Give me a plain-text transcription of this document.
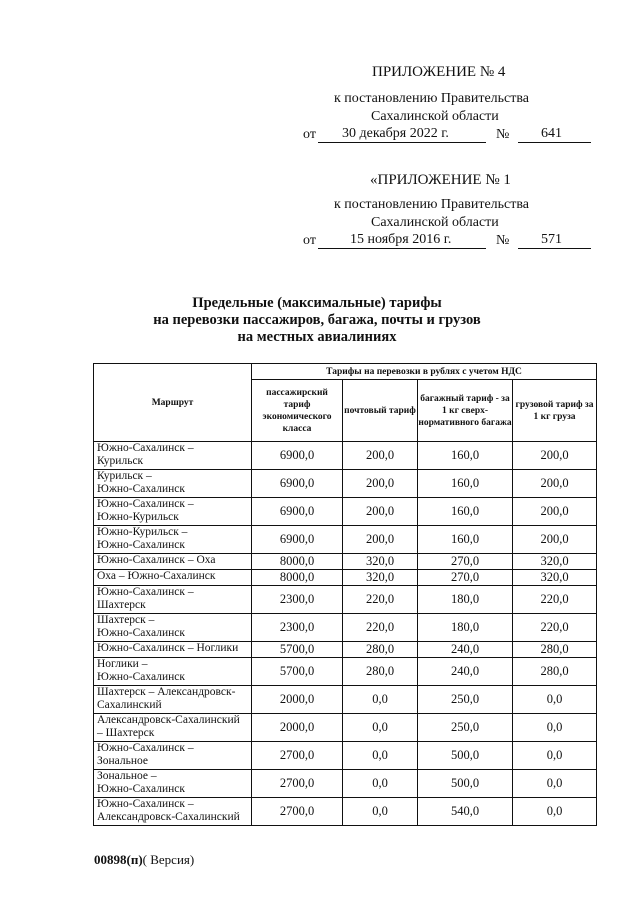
ПРИЛОЖЕНИЕ № 4
к постановлению Правительства
Сахалинской области
от 30 декабря 2022 г.	№ 641
«ПРИЛОЖЕНИЕ № 1
к постановлению Правительства
Сахалинской области
от 15 ноября 2016 г.	№ 571
Предельные (максимальные) тарифы
на перевозки пассажиров, багажа, почты и грузов
на местных авиалиниях
Маршрут	Тарифы на перевозки в рублях с учетом НДС			
	пассажирский тариф экономического класса	почтовый тариф	багажный тариф - за 1 кг сверх-нормативного багажа	грузовой тариф за 1 кг груза
Южно-Сахалинск –
Курильск	6900,0	200,0	160,0	200,0
Курильск –
Южно-Сахалинск	6900,0	200,0	160,0	200,0
Южно-Сахалинск –
Южно-Курильск	6900,0	200,0	160,0	200,0
Южно-Курильск –
Южно-Сахалинск	6900,0	200,0	160,0	200,0
Южно-Сахалинск – Оха	8000,0	320,0	270,0	320,0
Оха – Южно-Сахалинск	8000,0	320,0	270,0	320,0
Южно-Сахалинск –
Шахтерск	2300,0	220,0	180,0	220,0
Шахтерск –
Южно-Сахалинск	2300,0	220,0	180,0	220,0
Южно-Сахалинск – Ноглики	5700,0	280,0	240,0	280,0
Ноглики –
Южно-Сахалинск	5700,0	280,0	240,0	280,0
Шахтерск – Александровск-
Сахалинский	2000,0	0,0	250,0	0,0
Александровск-Сахалинский
– Шахтерск	2000,0	0,0	250,0	0,0
Южно-Сахалинск –
Зональное	2700,0	0,0	500,0	0,0
Зональное –
Южно-Сахалинск	2700,0	0,0	500,0	0,0
Южно-Сахалинск –
Александровск-Сахалинский	2700,0	0,0	540,0	0,0
00898(п)( Версия)
